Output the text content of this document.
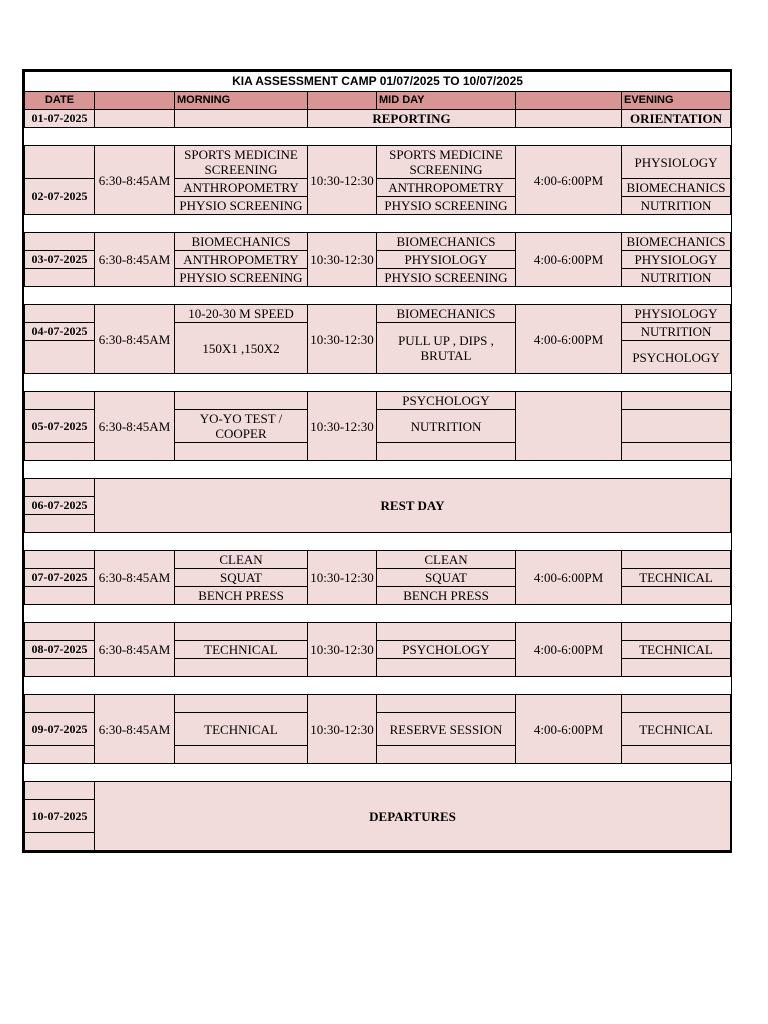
KIA ASSESSMENT CAMP 01/07/2025 TO 10/07/2025						
DATE		MORNING		MID DAY		EVENING
01-07-2025			REPORTING			ORIENTATION

	6:30-8:45AM	SPORTS MEDICINE SCREENING	10:30-12:30	SPORTS MEDICINE SCREENING	4:00-6:00PM	PHYSIOLOGY
02-07-2025		ANTHROPOMETRY		ANTHROPOMETRY		BIOMECHANICS
		PHYSIO SCREENING		PHYSIO SCREENING		NUTRITION

	6:30-8:45AM	BIOMECHANICS	10:30-12:30	BIOMECHANICS	4:00-6:00PM	BIOMECHANICS
03-07-2025		ANTHROPOMETRY		PHYSIOLOGY		PHYSIOLOGY
		PHYSIO SCREENING		PHYSIO SCREENING		NUTRITION

	6:30-8:45AM	10-20-30 M SPEED	10:30-12:30	BIOMECHANICS	4:00-6:00PM	PHYSIOLOGY
04-07-2025		150X1 ,150X2		PULL UP , DIPS , BRUTAL		NUTRITION
						PSYCHOLOGY

	6:30-8:45AM		10:30-12:30	PSYCHOLOGY		
05-07-2025		YO-YO TEST / COOPER		NUTRITION		

	REST DAY					
06-07-2025						

	6:30-8:45AM	CLEAN	10:30-12:30	CLEAN	4:00-6:00PM	
07-07-2025		SQUAT		SQUAT		TECHNICAL
		BENCH PRESS		BENCH PRESS		

	6:30-8:45AM		10:30-12:30		4:00-6:00PM	
08-07-2025		TECHNICAL		PSYCHOLOGY		TECHNICAL

	6:30-8:45AM		10:30-12:30		4:00-6:00PM	
09-07-2025		TECHNICAL		RESERVE SESSION		TECHNICAL

	DEPARTURES					
10-07-2025						
